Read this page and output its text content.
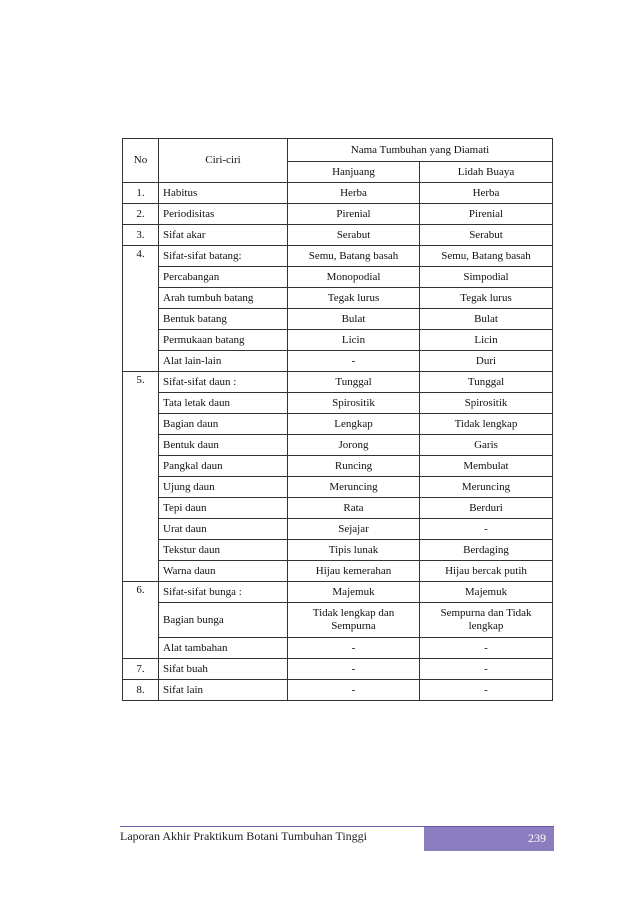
No	Ciri-ciri	Nama Tumbuhan yang Diamati	
		Hanjuang	Lidah Buaya
1.	Habitus	Herba	Herba
2.	Periodisitas	Pirenial	Pirenial
3.	Sifat akar	Serabut	Serabut
4.	Sifat-sifat batang:	Semu, Batang basah	Semu, Batang basah
	Percabangan	Monopodial	Simpodial
	Arah tumbuh batang	Tegak lurus	Tegak lurus
	Bentuk batang	Bulat	Bulat
	Permukaan batang	Licin	Licin
	Alat lain-lain	-	Duri
5.	Sifat-sifat daun :	Tunggal	Tunggal
	Tata letak daun	Spirositik	Spirositik
	Bagian daun	Lengkap	Tidak lengkap
	Bentuk daun	Jorong	Garis
	Pangkal daun	Runcing	Membulat
	Ujung daun	Meruncing	Meruncing
	Tepi daun	Rata	Berduri
	Urat daun	Sejajar	-
	Tekstur daun	Tipis lunak	Berdaging
	Warna daun	Hijau kemerahan	Hijau bercak putih
6.	Sifat-sifat bunga :	Majemuk	Majemuk
	Bagian bunga	Tidak lengkap dan Sempurna	Sempurna dan Tidak lengkap
	Alat tambahan	-	-
7.	Sifat buah	-	-
8.	Sifat lain	-	-
Laporan Akhir Praktikum Botani Tumbuhan Tinggi	239
